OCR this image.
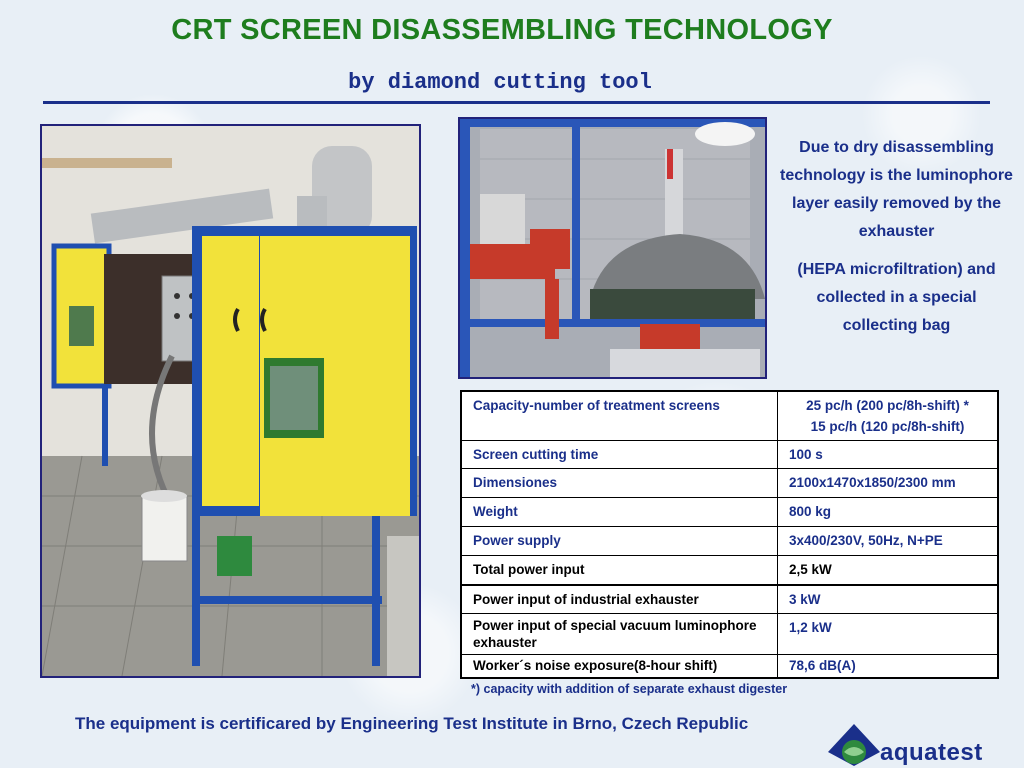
CRT SCREEN DISASSEMBLING TECHNOLOGY
by diamond cutting tool
Due to dry disassembling technology is the luminophore layer easily removed by the exhauster
(HEPA microfiltration) and collected in a special collecting bag
Capacity-number of treatment screens	25 pc/h (200 pc/8h-shift) *
15 pc/h (120 pc/8h-shift)

Screen cutting time	100 s
Dimensiones	2100x1470x1850/2300 mm
Weight	800 kg
Power supply	3x400/230V, 50Hz, N+PE
Total power input	2,5 kW
Power input of industrial exhauster	3 kW
Power input of special vacuum luminophore exhauster	1,2 kW
Worker´s noise exposure(8-hour shift)	78,6 dB(A)
*) capacity with addition of separate exhaust digester
The equipment is certificared by Engineering Test Institute in Brno, Czech Republic
aquatest
